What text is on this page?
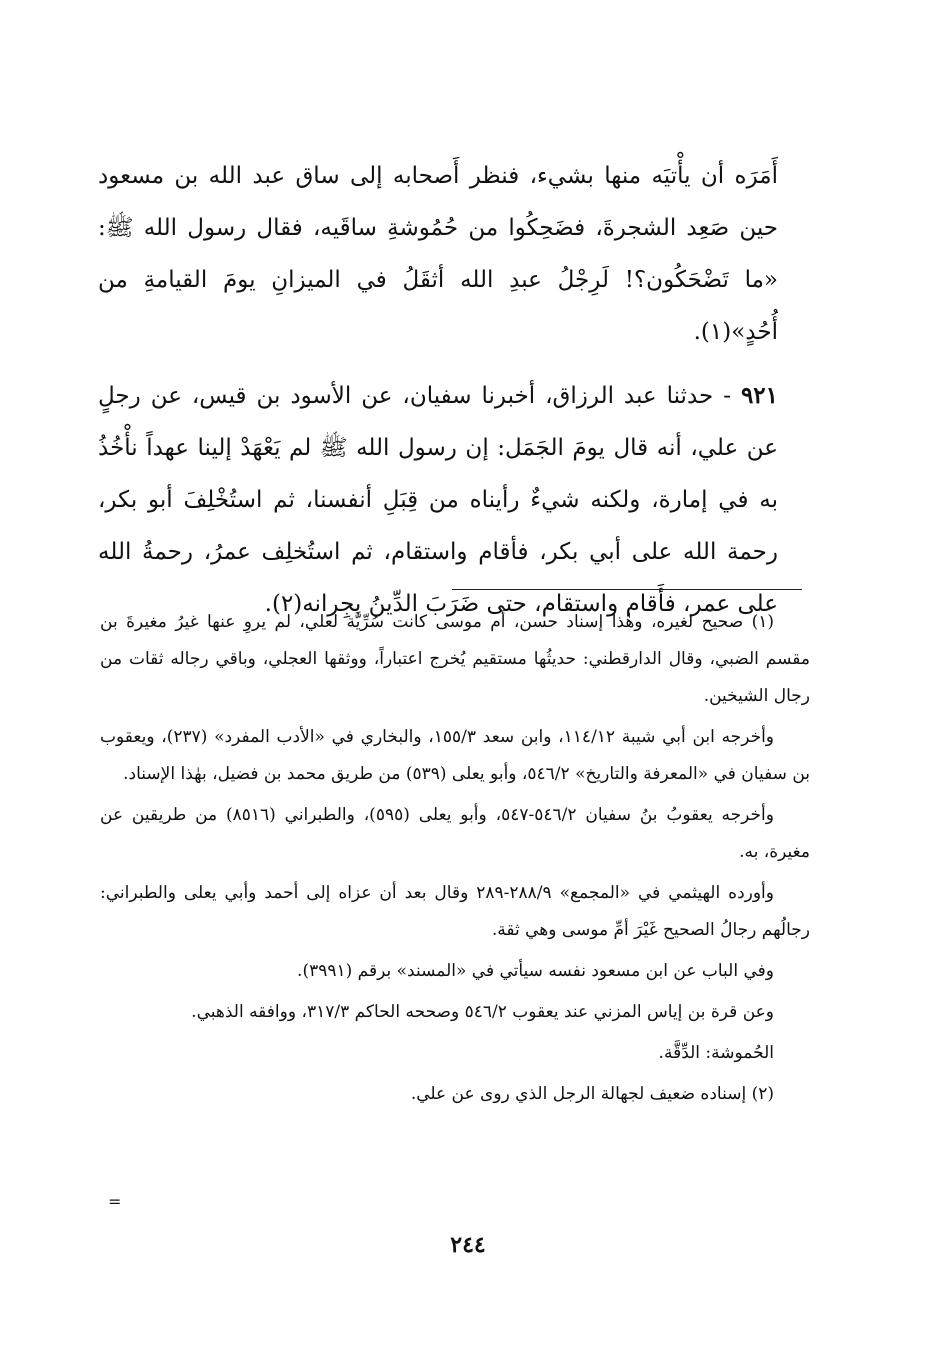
أَمَرَه أن يأْتيَه منها بشيء، فنظر أَصحابه إلى ساق عبد الله بن مسعود حين صَعِد الشجرةَ، فضَحِكُوا من حُمُوشةِ ساقَيه، فقال رسول الله ﷺ: «ما تَضْحَكُون؟! لَرِجْلُ عبدِ الله أثقَلُ في الميزانِ يومَ القيامةِ من أُحُدٍ»(١).

٩٢١ - حدثنا عبد الرزاق، أخبرنا سفيان، عن الأسود بن قيس، عن رجلٍ عن علي، أنه قال يومَ الجَمَل: إن رسول الله ﷺ لم يَعْهَدْ إلينا عهداً نأْخُذُ به في إمارة، ولكنه شيءٌ رأيناه من قِبَلِ أنفسنا، ثم استُخْلِفَ أبو بكر، رحمة الله على أبي بكر، فأقام واستقام، ثم استُخلِف عمرُ، رحمةُ الله على عمر، فأَقام واستقام، حتى ضَرَبَ الدِّينُ بجِرانه(٢).

(١) صحيح لغيره، وهٰذا إسناد حسن، أم موسى كانت سُرِّيَّة لعلي، لم يروِ عنها غيرُ مغيرةَ بن مقسم الضبي، وقال الدارقطني: حديثُها مستقيم يُخرج اعتباراً، ووثقها العجلي، وباقي رجاله ثقات من رجال الشيخين.

وأخرجه ابن أبي شيبة ١١٤/١٢، وابن سعد ١٥٥/٣، والبخاري في «الأدب المفرد» (٢٣٧)، ويعقوب بن سفيان في «المعرفة والتاريخ» ٥٤٦/٢، وأبو يعلى (٥٣٩) من طريق محمد بن فضيل، بهٰذا الإسناد.

وأخرجه يعقوبُ بنُ سفيان ٥٤٦/٢-٥٤٧، وأبو يعلى (٥٩٥)، والطبراني (٨٥١٦) من طريقين عن مغيرة، به.

وأورده الهيثمي في «المجمع» ٢٨٨/٩-٢٨٩ وقال بعد أن عزاه إلى أحمد وأبي يعلى والطبراني: رجالُهم رجالُ الصحيح غَيْرَ أمِّ موسى وهي ثقة.

وفي الباب عن ابن مسعود نفسه سيأتي في «المسند» برقم (٣٩٩١).

وعن قرة بن إياس المزني عند يعقوب ٥٤٦/٢ وصححه الحاكم ٣١٧/٣، ووافقه الذهبي.

الحُموشة: الدِّقَّة.

(٢) إسناده ضعيف لجهالة الرجل الذي روى عن علي.

=
٢٤٤
